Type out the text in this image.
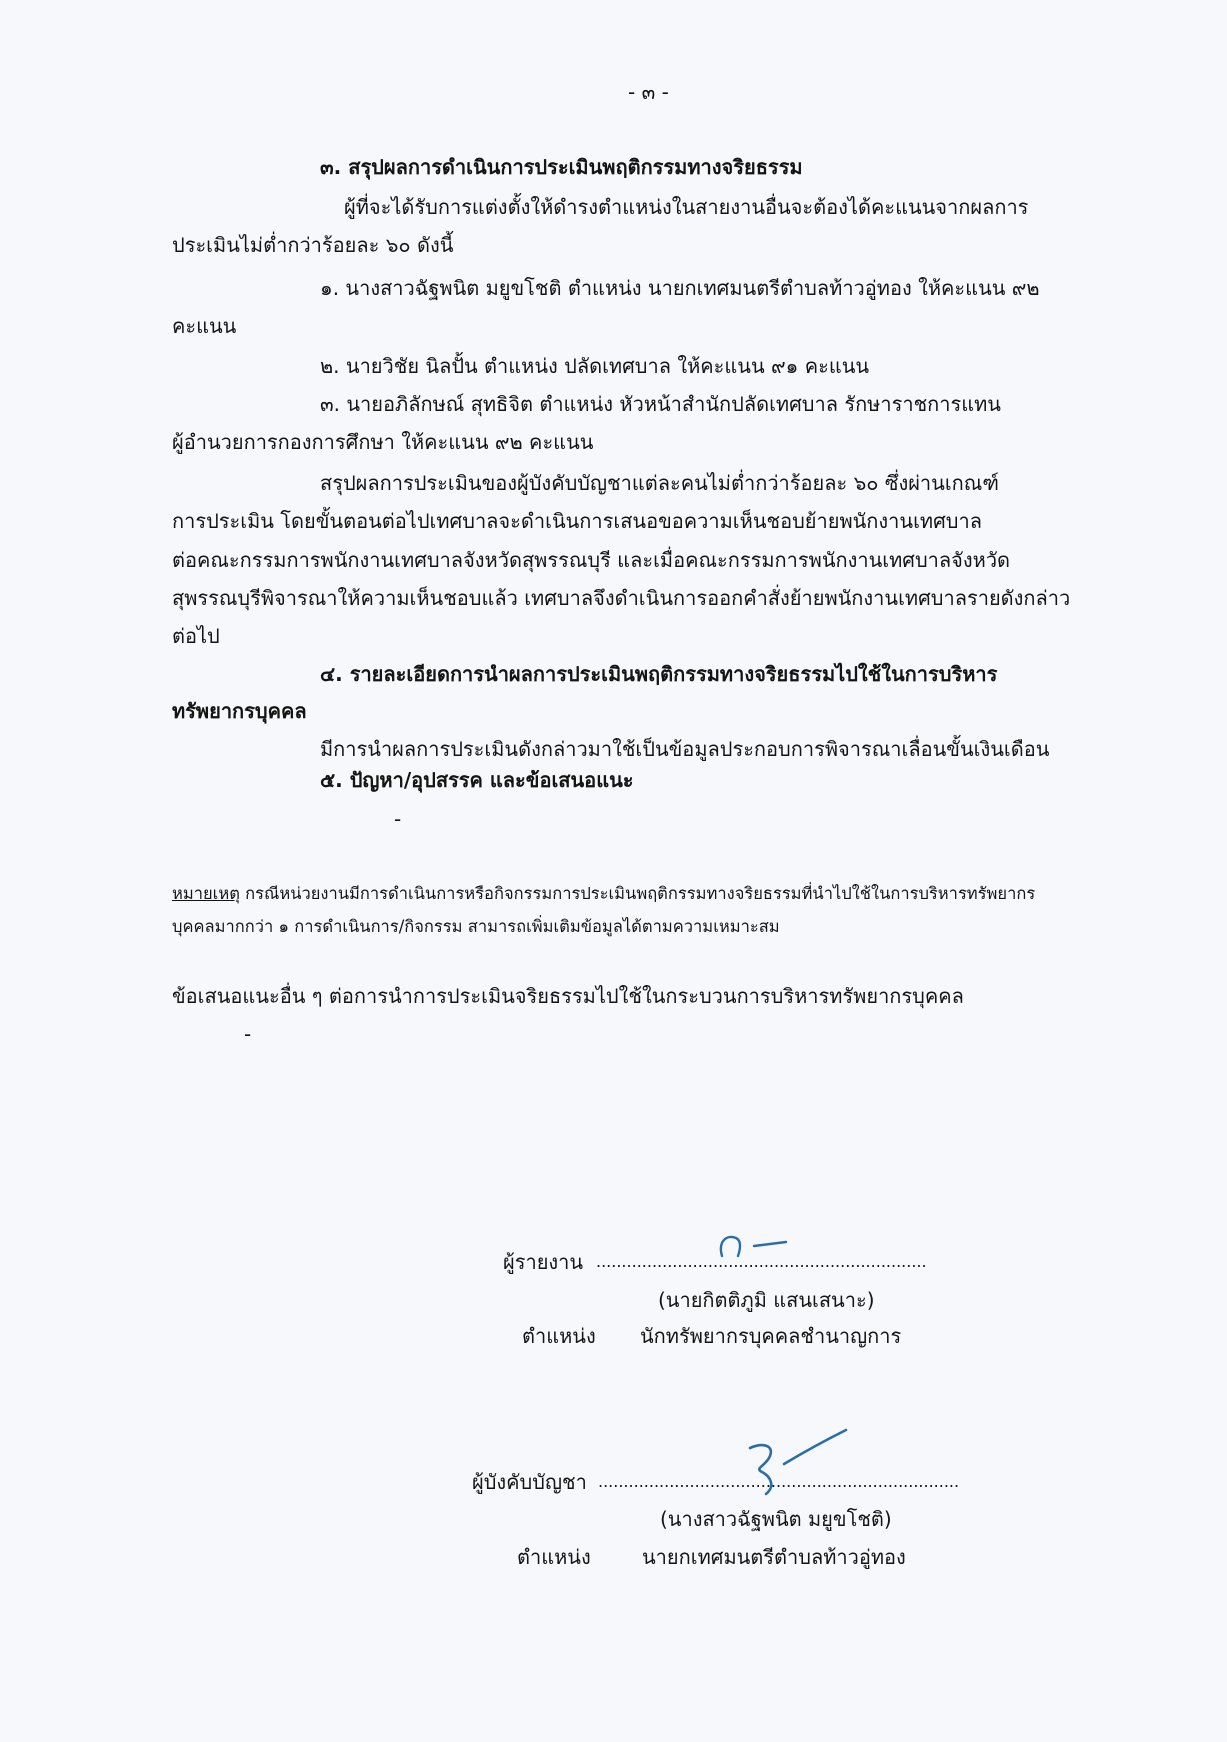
- ๓ -

๓. สรุปผลการดำเนินการประเมินพฤติกรรมทางจริยธรรม

ผู้ที่จะได้รับการแต่งตั้งให้ดำรงตำแหน่งในสายงานอื่นจะต้องได้คะแนนจากผลการ

ประเมินไม่ต่ำกว่าร้อยละ ๖๐ ดังนี้

๑. นางสาวฉัฐพนิต มยูขโชติ ตำแหน่ง นายกเทศมนตรีตำบลท้าวอู่ทอง ให้คะแนน ๙๒

คะแนน

๒. นายวิชัย นิลปั้น ตำแหน่ง ปลัดเทศบาล ให้คะแนน ๙๑ คะแนน

๓. นายอภิลักษณ์ สุทธิจิต ตำแหน่ง หัวหน้าสำนักปลัดเทศบาล รักษาราชการแทน

ผู้อำนวยการกองการศึกษา ให้คะแนน ๙๒ คะแนน

สรุปผลการประเมินของผู้บังคับบัญชาแต่ละคนไม่ต่ำกว่าร้อยละ ๖๐ ซึ่งผ่านเกณฑ์

การประเมิน โดยขั้นตอนต่อไปเทศบาลจะดำเนินการเสนอขอความเห็นชอบย้ายพนักงานเทศบาล

ต่อคณะกรรมการพนักงานเทศบาลจังหวัดสุพรรณบุรี และเมื่อคณะกรรมการพนักงานเทศบาลจังหวัด

สุพรรณบุรีพิจารณาให้ความเห็นชอบแล้ว เทศบาลจึงดำเนินการออกคำสั่งย้ายพนักงานเทศบาลรายดังกล่าว

ต่อไป

๔. รายละเอียดการนำผลการประเมินพฤติกรรมทางจริยธรรมไปใช้ในการบริหาร

ทรัพยากรบุคคล

มีการนำผลการประเมินดังกล่าวมาใช้เป็นข้อมูลประกอบการพิจารณาเลื่อนขั้นเงินเดือน

๕. ปัญหา/อุปสรรค และข้อเสนอแนะ

-

หมายเหตุ กรณีหน่วยงานมีการดำเนินการหรือกิจกรรมการประเมินพฤติกรรมทางจริยธรรมที่นำไปใช้ในการบริหารทรัพยากร

บุคคลมากกว่า ๑ การดำเนินการ/กิจกรรม สามารถเพิ่มเติมข้อมูลได้ตามความเหมาะสม

ข้อเสนอแนะอื่น ๆ ต่อการนำการประเมินจริยธรรมไปใช้ในกระบวนการบริหารทรัพยากรบุคคล

-

ผู้รายงาน .................................................................

(นายกิตติภูมิ แสนเสนาะ)

ตำแหน่ง นักทรัพยากรบุคคลชำนาญการ

ผู้บังคับบัญชา

(นางสาวฉัฐพนิต มยูขโชติ)

ตำแหน่ง	นายกเทศมนตรีตำบลท้าวอู่ทอง

.......................................................................
